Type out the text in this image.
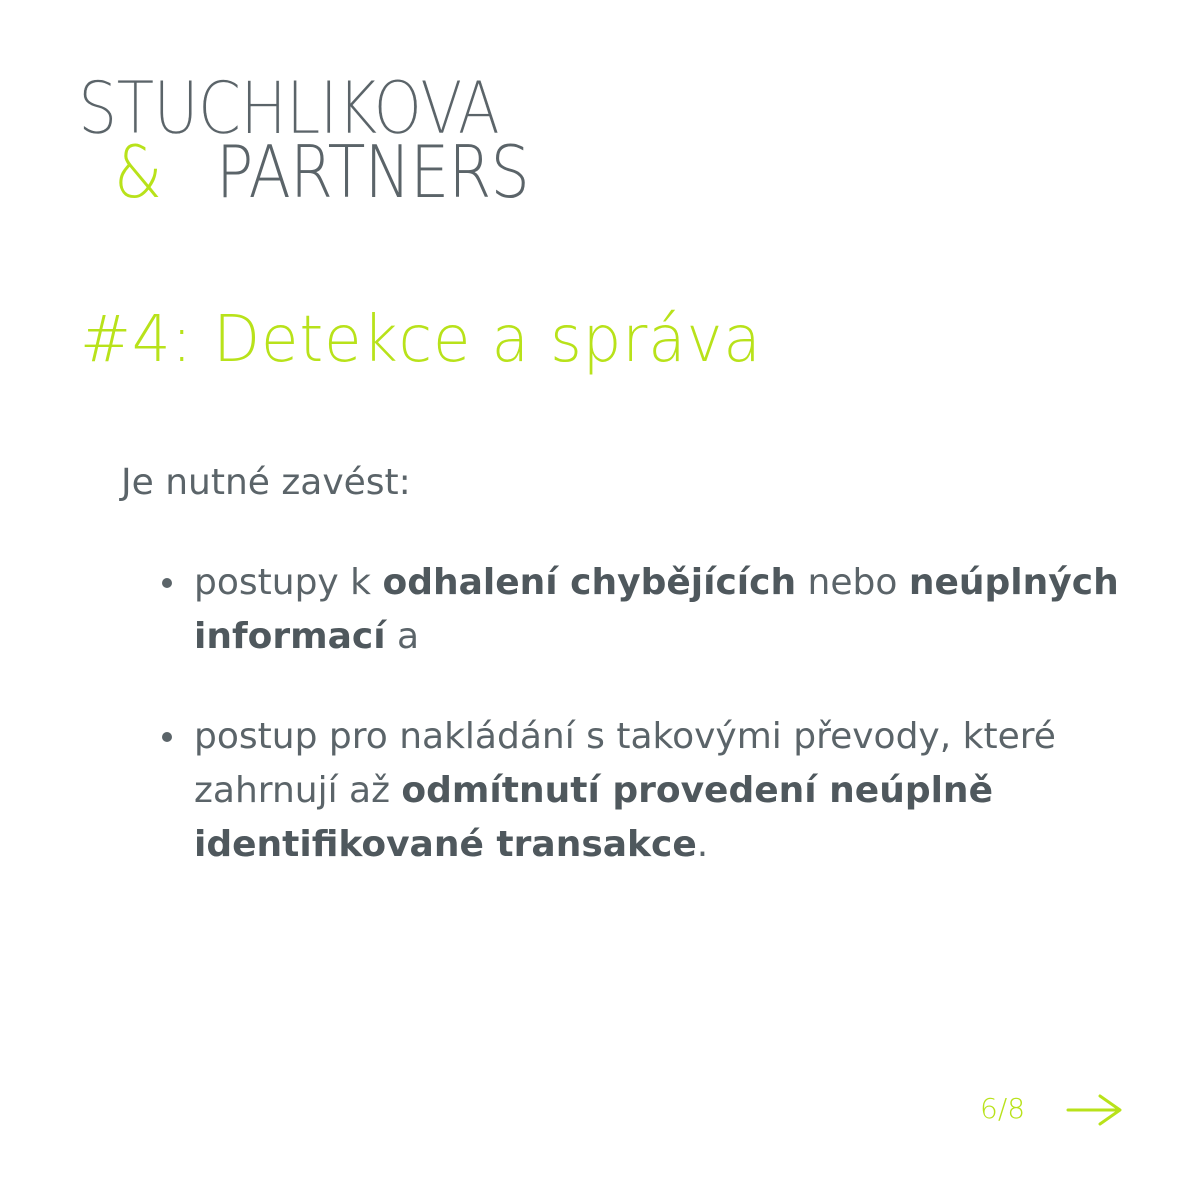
STUCHLIKOVA
& PARTNERS
#4: Detekce a správa
Je nutné zavést:
postupy k odhalení chybějících nebo neúplných informací a
postup pro nakládání s takovými převody, které zahrnují až odmítnutí provedení neúplně identifikované transakce.
6/8
